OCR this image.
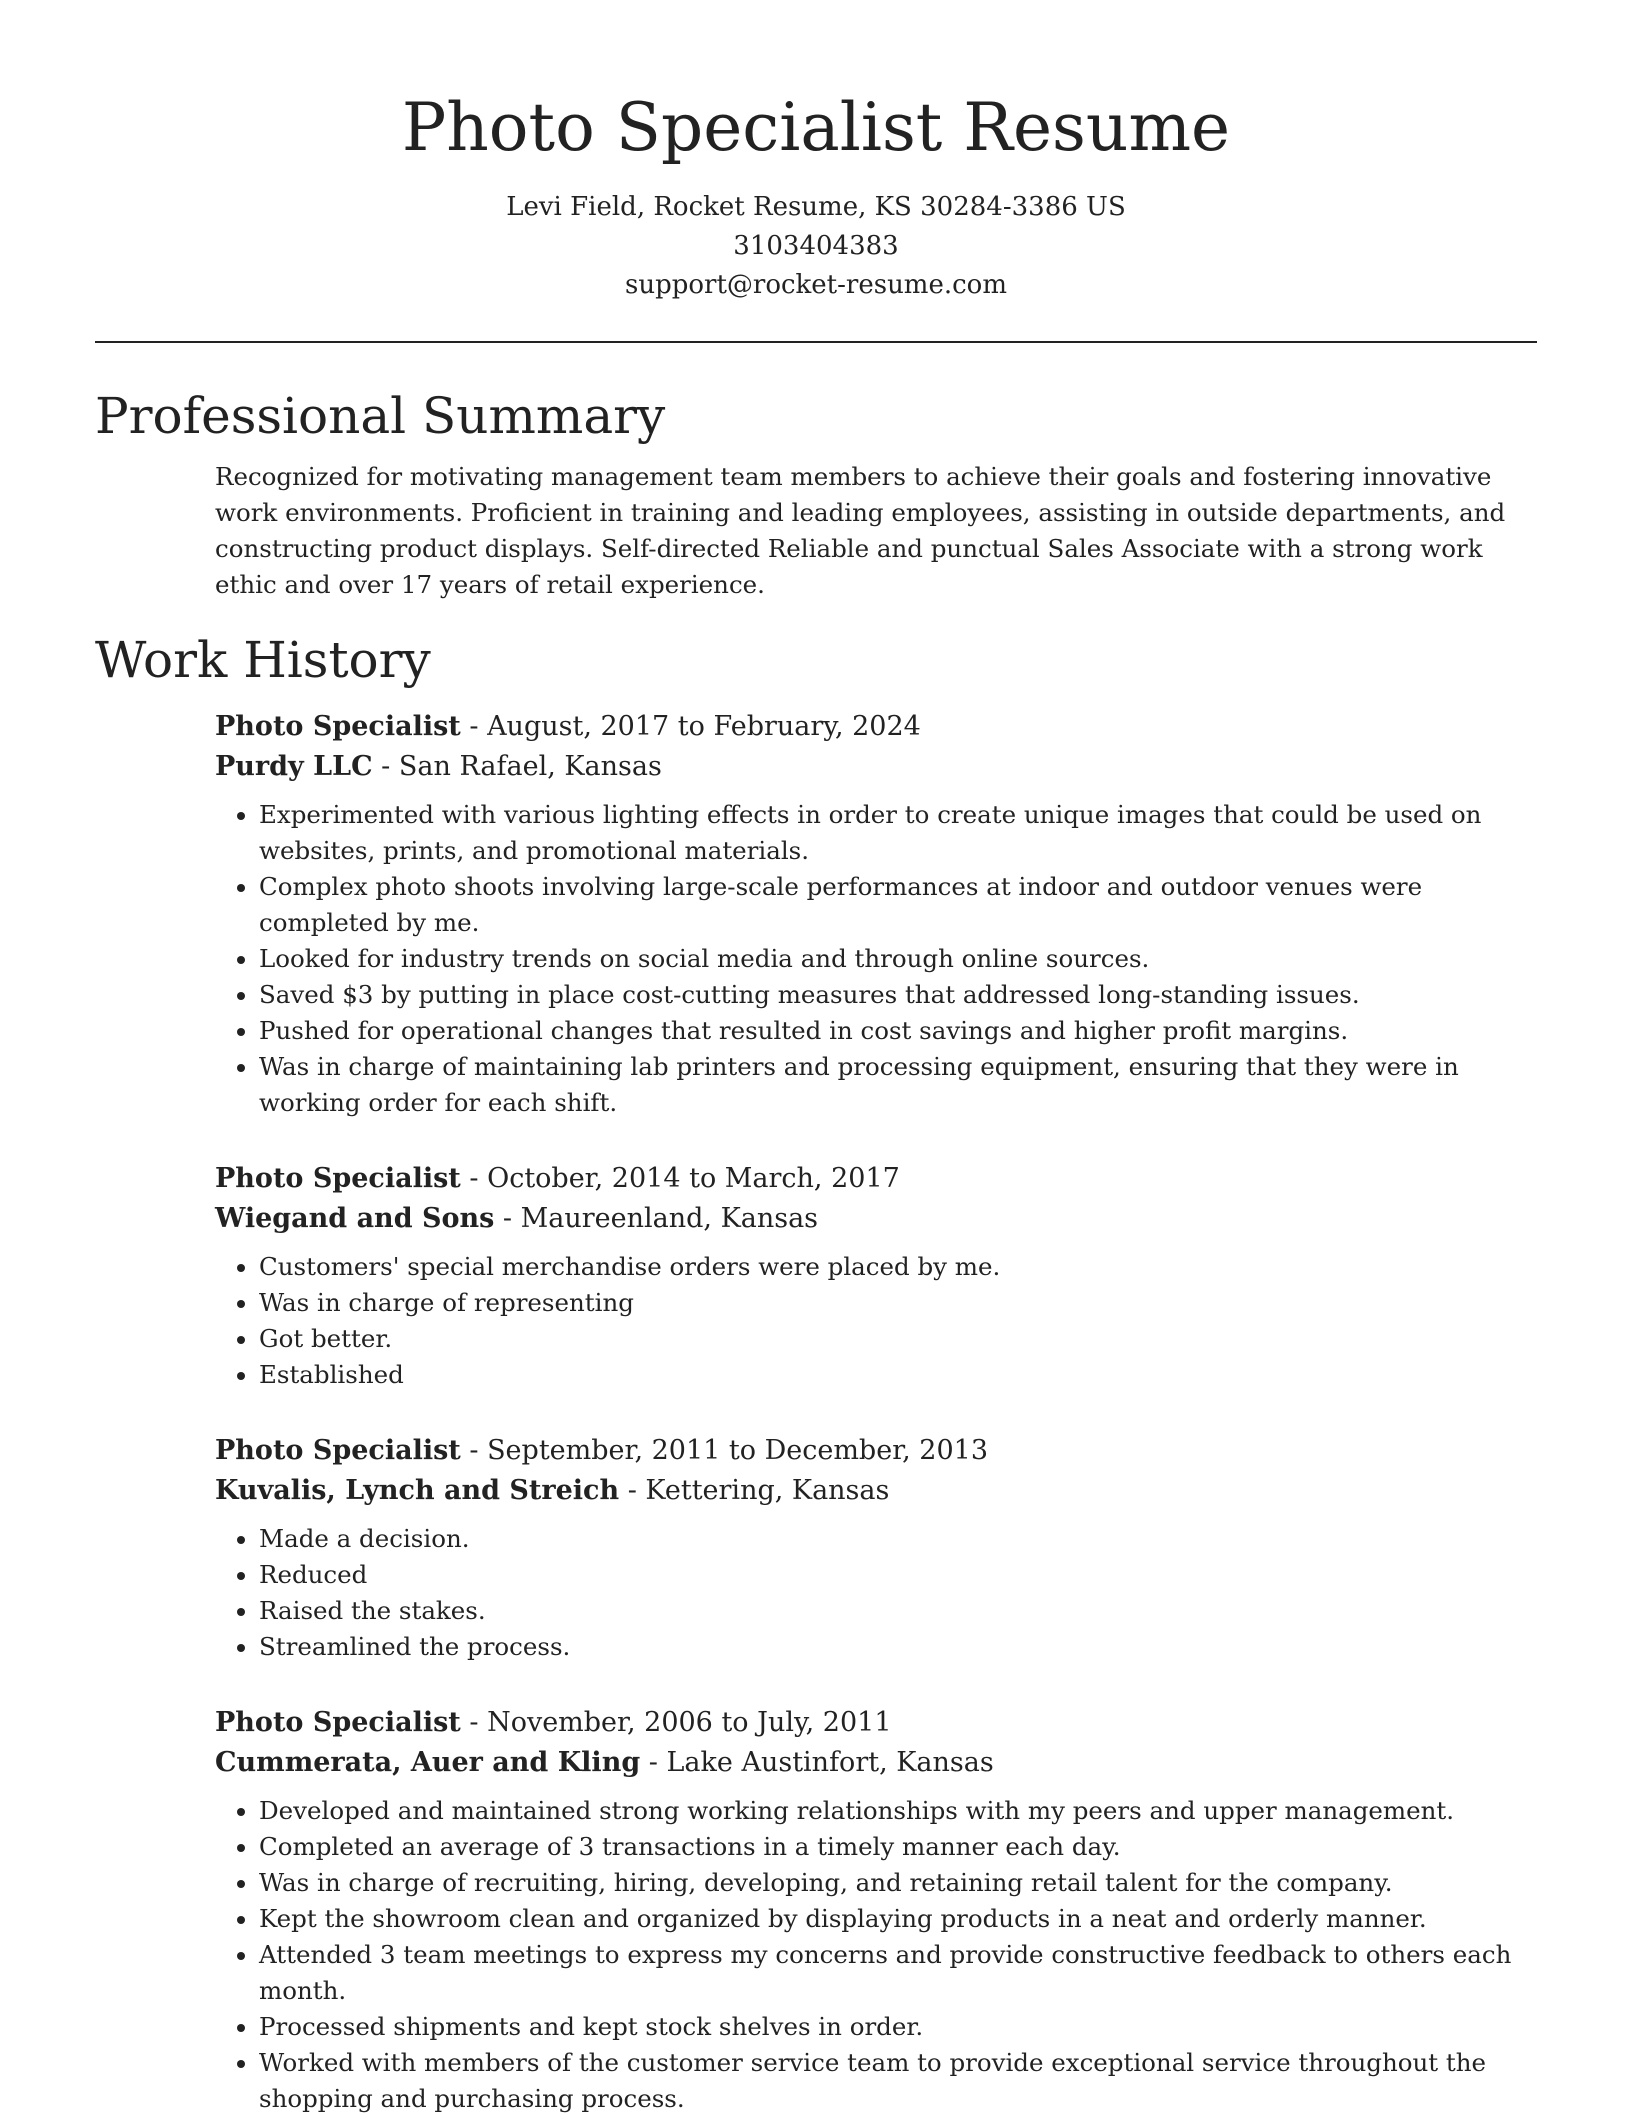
Photo Specialist Resume
Levi Field, Rocket Resume, KS 30284-3386 US
3103404383
support@rocket-resume.com
Professional Summary

Recognized for motivating management team members to achieve their goals and fostering innovative work environments. Proficient in training and leading employees, assisting in outside departments, and constructing product displays. Self-directed Reliable and punctual Sales Associate with a strong work ethic and over 17 years of retail experience.

Work History
Photo Specialist - August, 2017 to February, 2024
Purdy LLC - San Rafael, Kansas
• Experimented with various lighting effects in order to create unique images that could be used on websites, prints, and promotional materials.
• Complex photo shoots involving large-scale performances at indoor and outdoor venues were completed by me.
• Looked for industry trends on social media and through online sources.
• Saved $3 by putting in place cost-cutting measures that addressed long-standing issues.
• Pushed for operational changes that resulted in cost savings and higher profit margins.
• Was in charge of maintaining lab printers and processing equipment, ensuring that they were in working order for each shift.
Photo Specialist - October, 2014 to March, 2017
Wiegand and Sons - Maureenland, Kansas
• Customers' special merchandise orders were placed by me.
• Was in charge of representing
• Got better.
• Established
Photo Specialist - September, 2011 to December, 2013
Kuvalis, Lynch and Streich - Kettering, Kansas
• Made a decision.
• Reduced
• Raised the stakes.
• Streamlined the process.
Photo Specialist - November, 2006 to July, 2011
Cummerata, Auer and Kling - Lake Austinfort, Kansas
• Developed and maintained strong working relationships with my peers and upper management.
• Completed an average of 3 transactions in a timely manner each day.
• Was in charge of recruiting, hiring, developing, and retaining retail talent for the company.
• Kept the showroom clean and organized by displaying products in a neat and orderly manner.
• Attended 3 team meetings to express my concerns and provide constructive feedback to others each month.
• Processed shipments and kept stock shelves in order.
• Worked with members of the customer service team to provide exceptional service throughout the shopping and purchasing process.
